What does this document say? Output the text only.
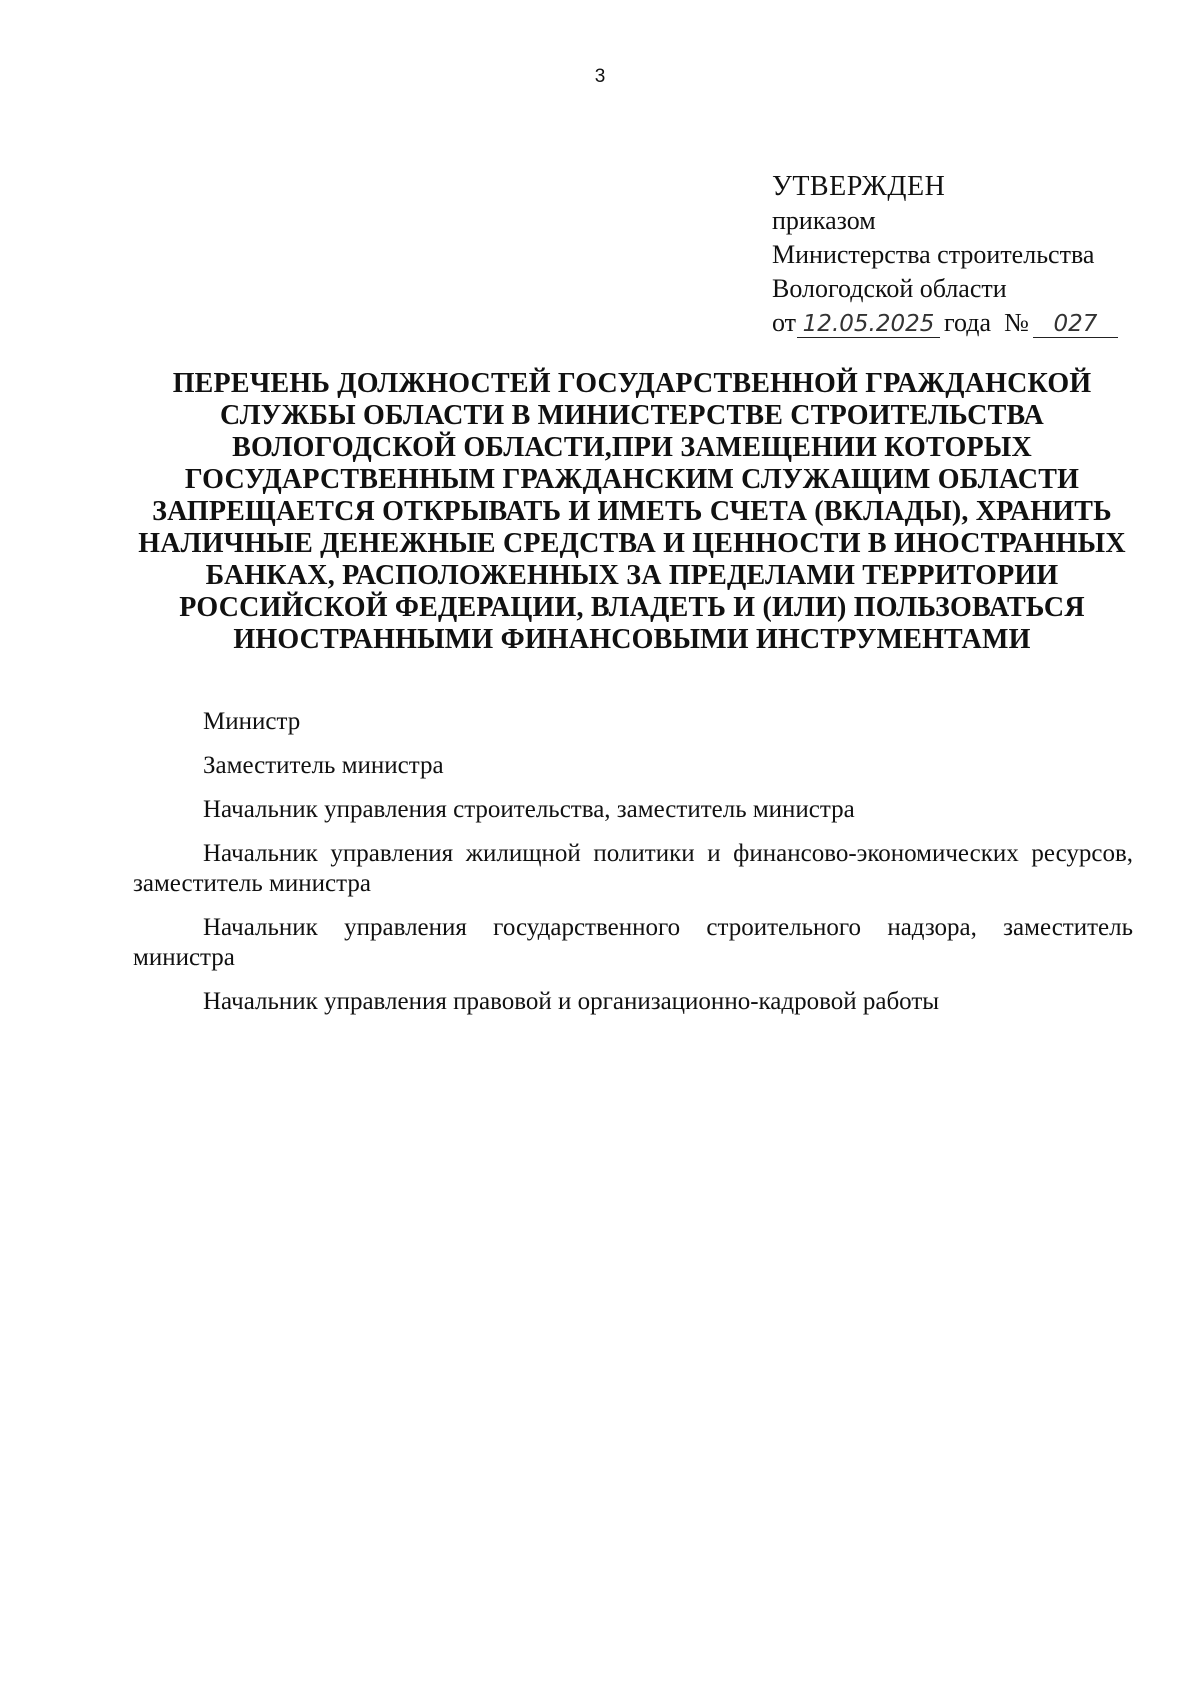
3
УТВЕРЖДЕН
приказом
Министерства строительства
Вологодской области
от 12.05.2025 года № 027
ПЕРЕЧЕНЬ ДОЛЖНОСТЕЙ ГОСУДАРСТВЕННОЙ ГРАЖДАНСКОЙ
СЛУЖБЫ ОБЛАСТИ В МИНИСТЕРСТВЕ СТРОИТЕЛЬСТВА
ВОЛОГОДСКОЙ ОБЛАСТИ,ПРИ ЗАМЕЩЕНИИ КОТОРЫХ
ГОСУДАРСТВЕННЫМ ГРАЖДАНСКИМ СЛУЖАЩИМ ОБЛАСТИ
ЗАПРЕЩАЕТСЯ ОТКРЫВАТЬ И ИМЕТЬ СЧЕТА (ВКЛАДЫ), ХРАНИТЬ
НАЛИЧНЫЕ ДЕНЕЖНЫЕ СРЕДСТВА И ЦЕННОСТИ В ИНОСТРАННЫХ
БАНКАХ, РАСПОЛОЖЕННЫХ ЗА ПРЕДЕЛАМИ ТЕРРИТОРИИ
РОССИЙСКОЙ ФЕДЕРАЦИИ, ВЛАДЕТЬ И (ИЛИ) ПОЛЬЗОВАТЬСЯ
ИНОСТРАННЫМИ ФИНАНСОВЫМИ ИНСТРУМЕНТАМИ

Министр

Заместитель министра

Начальник управления строительства, заместитель министра

Начальник управления жилищной политики и финансово-экономических ресурсов, заместитель министра

Начальник управления государственного строительного надзора, заместитель министра

Начальник управления правовой и организационно-кадровой работы
